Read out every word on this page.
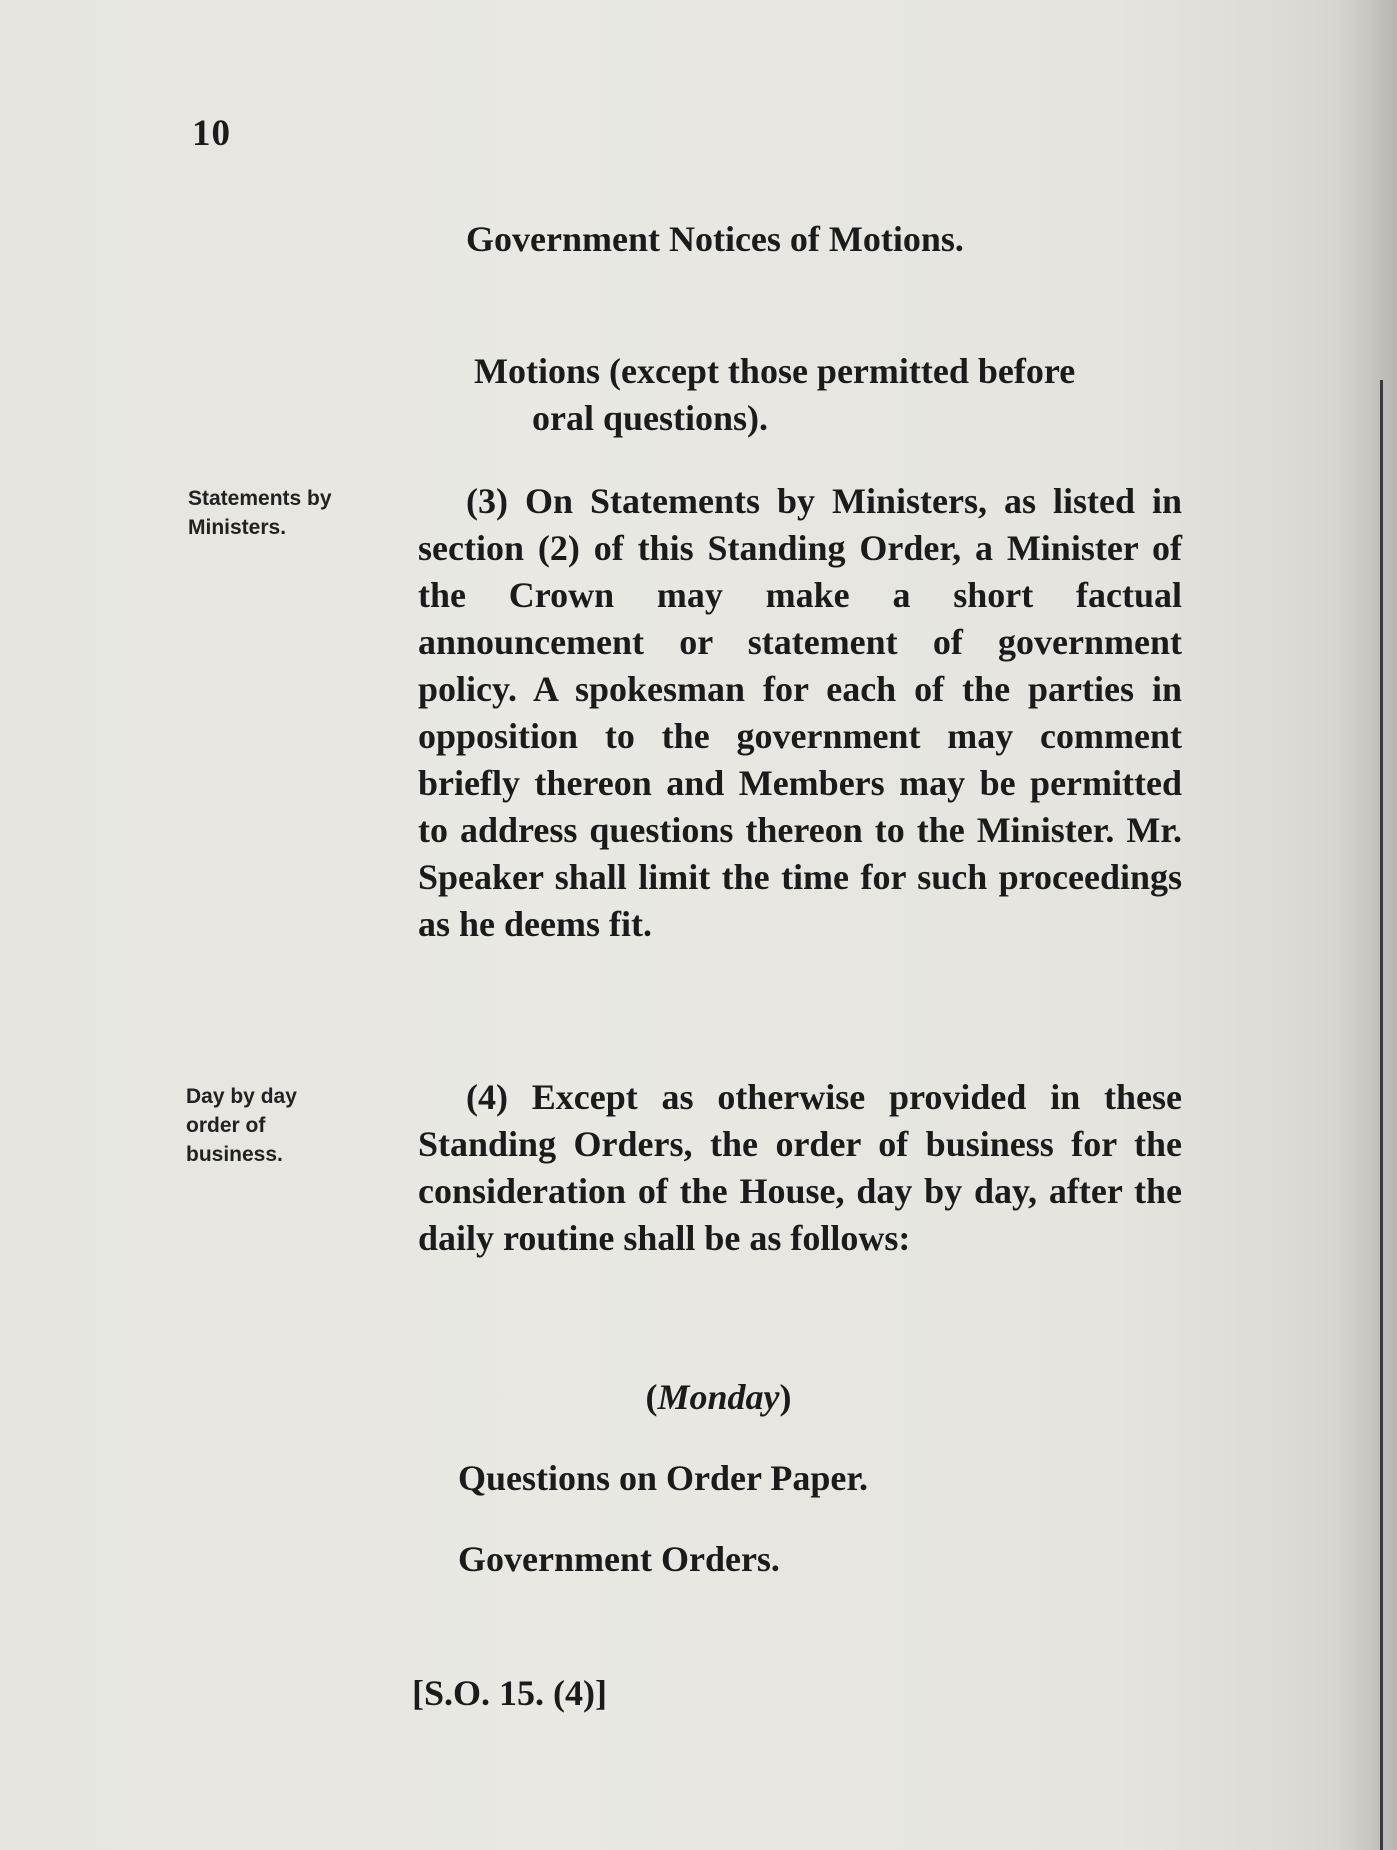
10
Government Notices of Motions.
Motions (except those permitted before
oral questions).
Statements by
Ministers.
(3) On Statements by Ministers, as listed in section (2) of this Standing Order, a Minister of the Crown may make a short factual announcement or statement of government policy. A spokesman for each of the parties in opposition to the government may comment briefly thereon and Members may be permitted to address questions thereon to the Minister. Mr. Speaker shall limit the time for such proceedings as he deems fit.
Day by day
order of
business.
(4) Except as otherwise provided in these Standing Orders, the order of business for the consideration of the House, day by day, after the daily routine shall be as follows:
(Monday)
Questions on Order Paper.
Government Orders.
[S.O. 15. (4)]
